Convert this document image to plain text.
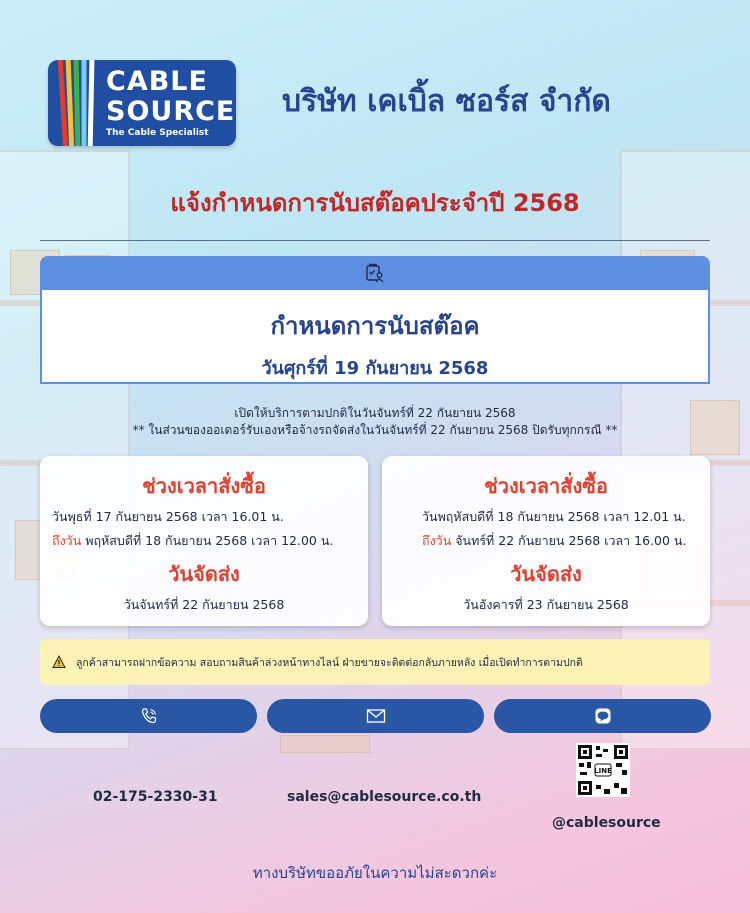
CABLE
SOURCE
The Cable Specialist
บริษัท เคเบิ้ล ซอร์ส จำกัด
แจ้งกำหนดการนับสต๊อคประจำปี 2568
กำหนดการนับสต๊อค
วันศุกร์ที่ 19 กันยายน 2568
เปิดให้บริการตามปกติในวันจันทร์ที่ 22 กันยายน 2568
** ในส่วนของออเดอร์รับเองหรือจ้างรถจัดส่งในวันจันทร์ที่ 22 กันยายน 2568 ปิดรับทุกกรณี **
ช่วงเวลาสั่งซื้อ
วันพุธที่ 17 กันยายน 2568 เวลา 16.01 น.
ถึงวัน พฤหัสบดีที่ 18 กันยายน 2568 เวลา 12.00 น.
วันจัดส่ง
วันจันทร์ที่ 22 กันยายน 2568
ช่วงเวลาสั่งซื้อ
วันพฤหัสบดีที่ 18 กันยายน 2568 เวลา 12.01 น.
ถึงวัน จันทร์ที่ 22 กันยายน 2568 เวลา 16.00 น.
วันจัดส่ง
วันอังคารที่ 23 กันยายน 2568
ลูกค้าสามารถฝากข้อความ สอบถามสินค้าล่วงหน้าทางไลน์ ฝ่ายขายจะติดต่อกลับภายหลัง เมื่อเปิดทำการตามปกติ
LINE
02-175-2330-31	sales@cablesource.co.th
@cablesource
ทางบริษัทขออภัยในความไม่สะดวกค่ะ
